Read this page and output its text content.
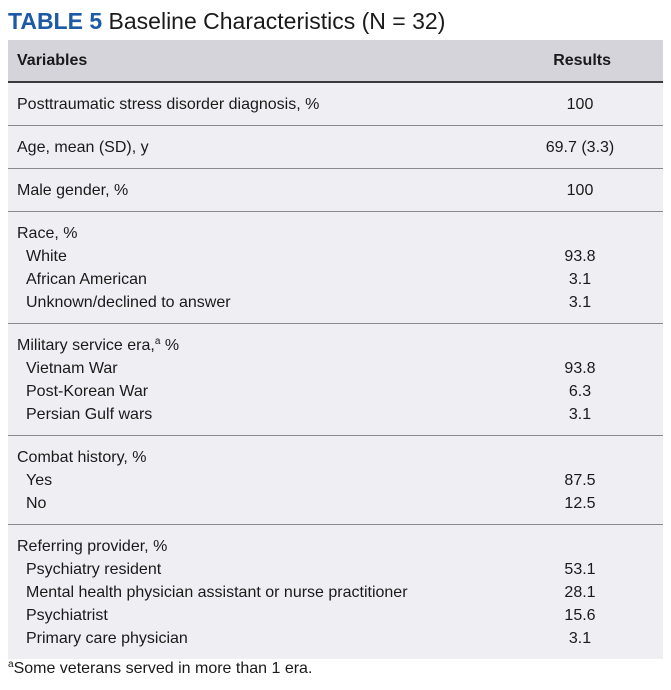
TABLE 5 Baseline Characteristics (N = 32)
Variables	Results
Posttraumatic stress disorder diagnosis, %	100
Age, mean (SD), y	69.7 (3.3)
Male gender, %	100
Race, %
White	93.8
African American	3.1
Unknown/declined to answer	3.1
Military service era,$^a$ %
Vietnam War	93.8
Post-Korean War	6.3
Persian Gulf wars	3.1
Combat history, %
Yes	87.5
No	12.5
Referring provider, %
Psychiatry resident	53.1
Mental health physician assistant or nurse practitioner	28.1
Psychiatrist	15.6
Primary care physician	3.1
$^a$Some veterans served in more than 1 era.
